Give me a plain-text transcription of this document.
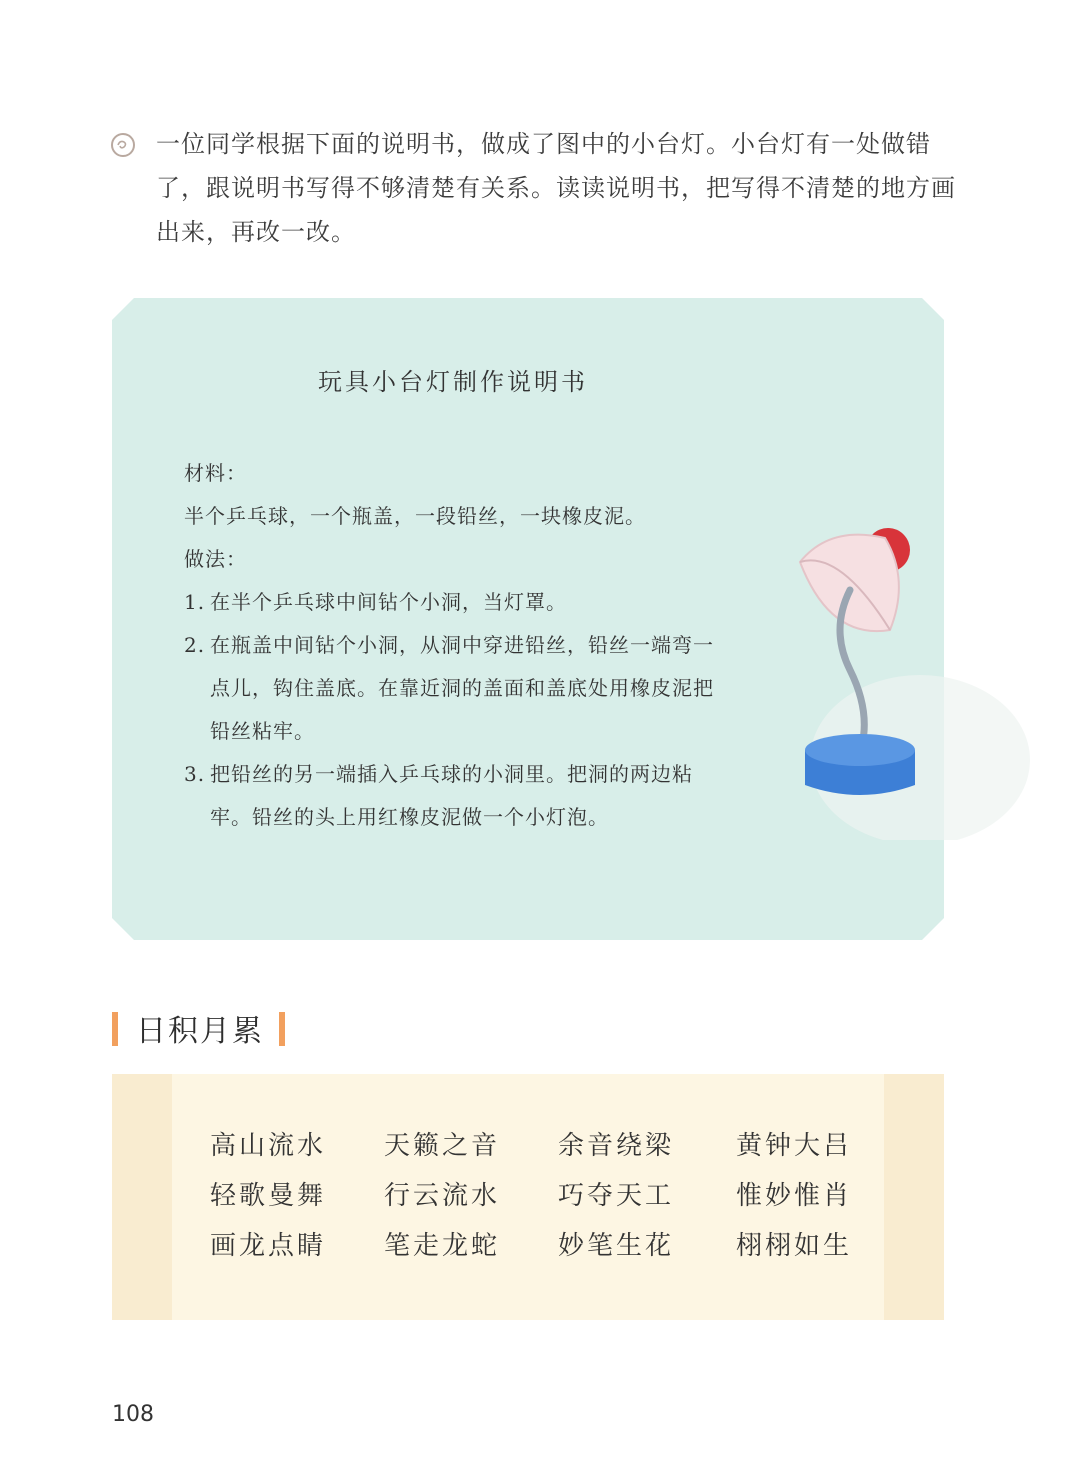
一位同学根据下面的说明书，做成了图中的小台灯。小台灯有一处做错了，跟说明书写得不够清楚有关系。读读说明书，把写得不清楚的地方画出来，再改一改。
玩具小台灯制作说明书
材料：
半个乒乓球，一个瓶盖，一段铅丝，一块橡皮泥。
做法：
1. 在半个乒乓球中间钻个小洞，当灯罩。
2. 在瓶盖中间钻个小洞，从洞中穿进铅丝，铅丝一端弯一点儿，钩住盖底。在靠近洞的盖面和盖底处用橡皮泥把铅丝粘牢。
3. 把铅丝的另一端插入乒乓球的小洞里。把洞的两边粘牢。铅丝的头上用红橡皮泥做一个小灯泡。
日积月累
高山流水	天籁之音	余音绕梁	黄钟大吕
轻歌曼舞	行云流水	巧夺天工	惟妙惟肖
画龙点睛	笔走龙蛇	妙笔生花	栩栩如生
108
